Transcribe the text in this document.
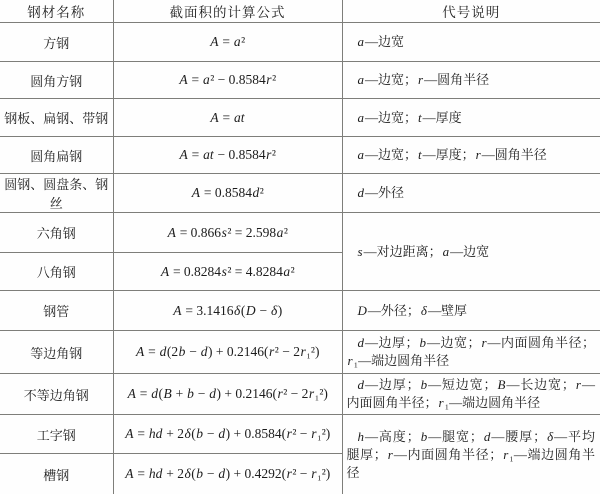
钢材名称	截面积的计算公式	代号说明
方钢	A = a²	a—边宽

圆角方钢	A = a² − 0.8584r²	a—边宽；r—圆角半径

钢板、扁钢、带钢	A = at	a—边宽；t—厚度

圆角扁钢	A = at − 0.8584r²	a—边宽；t—厚度；r—圆角半径

圆钢、圆盘条、钢丝	A = 0.8584d²	d—外径

六角钢	A = 0.866s² = 2.598a²	s—对边距离；a—边宽

八角钢	A = 0.8284s² = 4.8284a²	
钢管	A = 3.1416δ(D − δ)	D—外径；δ—壁厚

等边角钢	A = d(2b − d) + 0.2146(r² − 2r₁²)	d—边厚；b—边宽；r—内面圆角半径；r₁—端边圆角半径

不等边角钢	A = d(B + b − d) + 0.2146(r² − 2r₁²)	d—边厚；b—短边宽；B—长边宽；r—内面圆角半径；r₁—端边圆角半径

工字钢	A = hd + 2δ(b − d) + 0.8584(r² − r₁²)	h—高度；b—腿宽；d—腰厚；δ—平均腿厚；r—内面圆角半径；r₁—端边圆角半径

槽钢	A = hd + 2δ(b − d) + 0.4292(r² − r₁²)	
